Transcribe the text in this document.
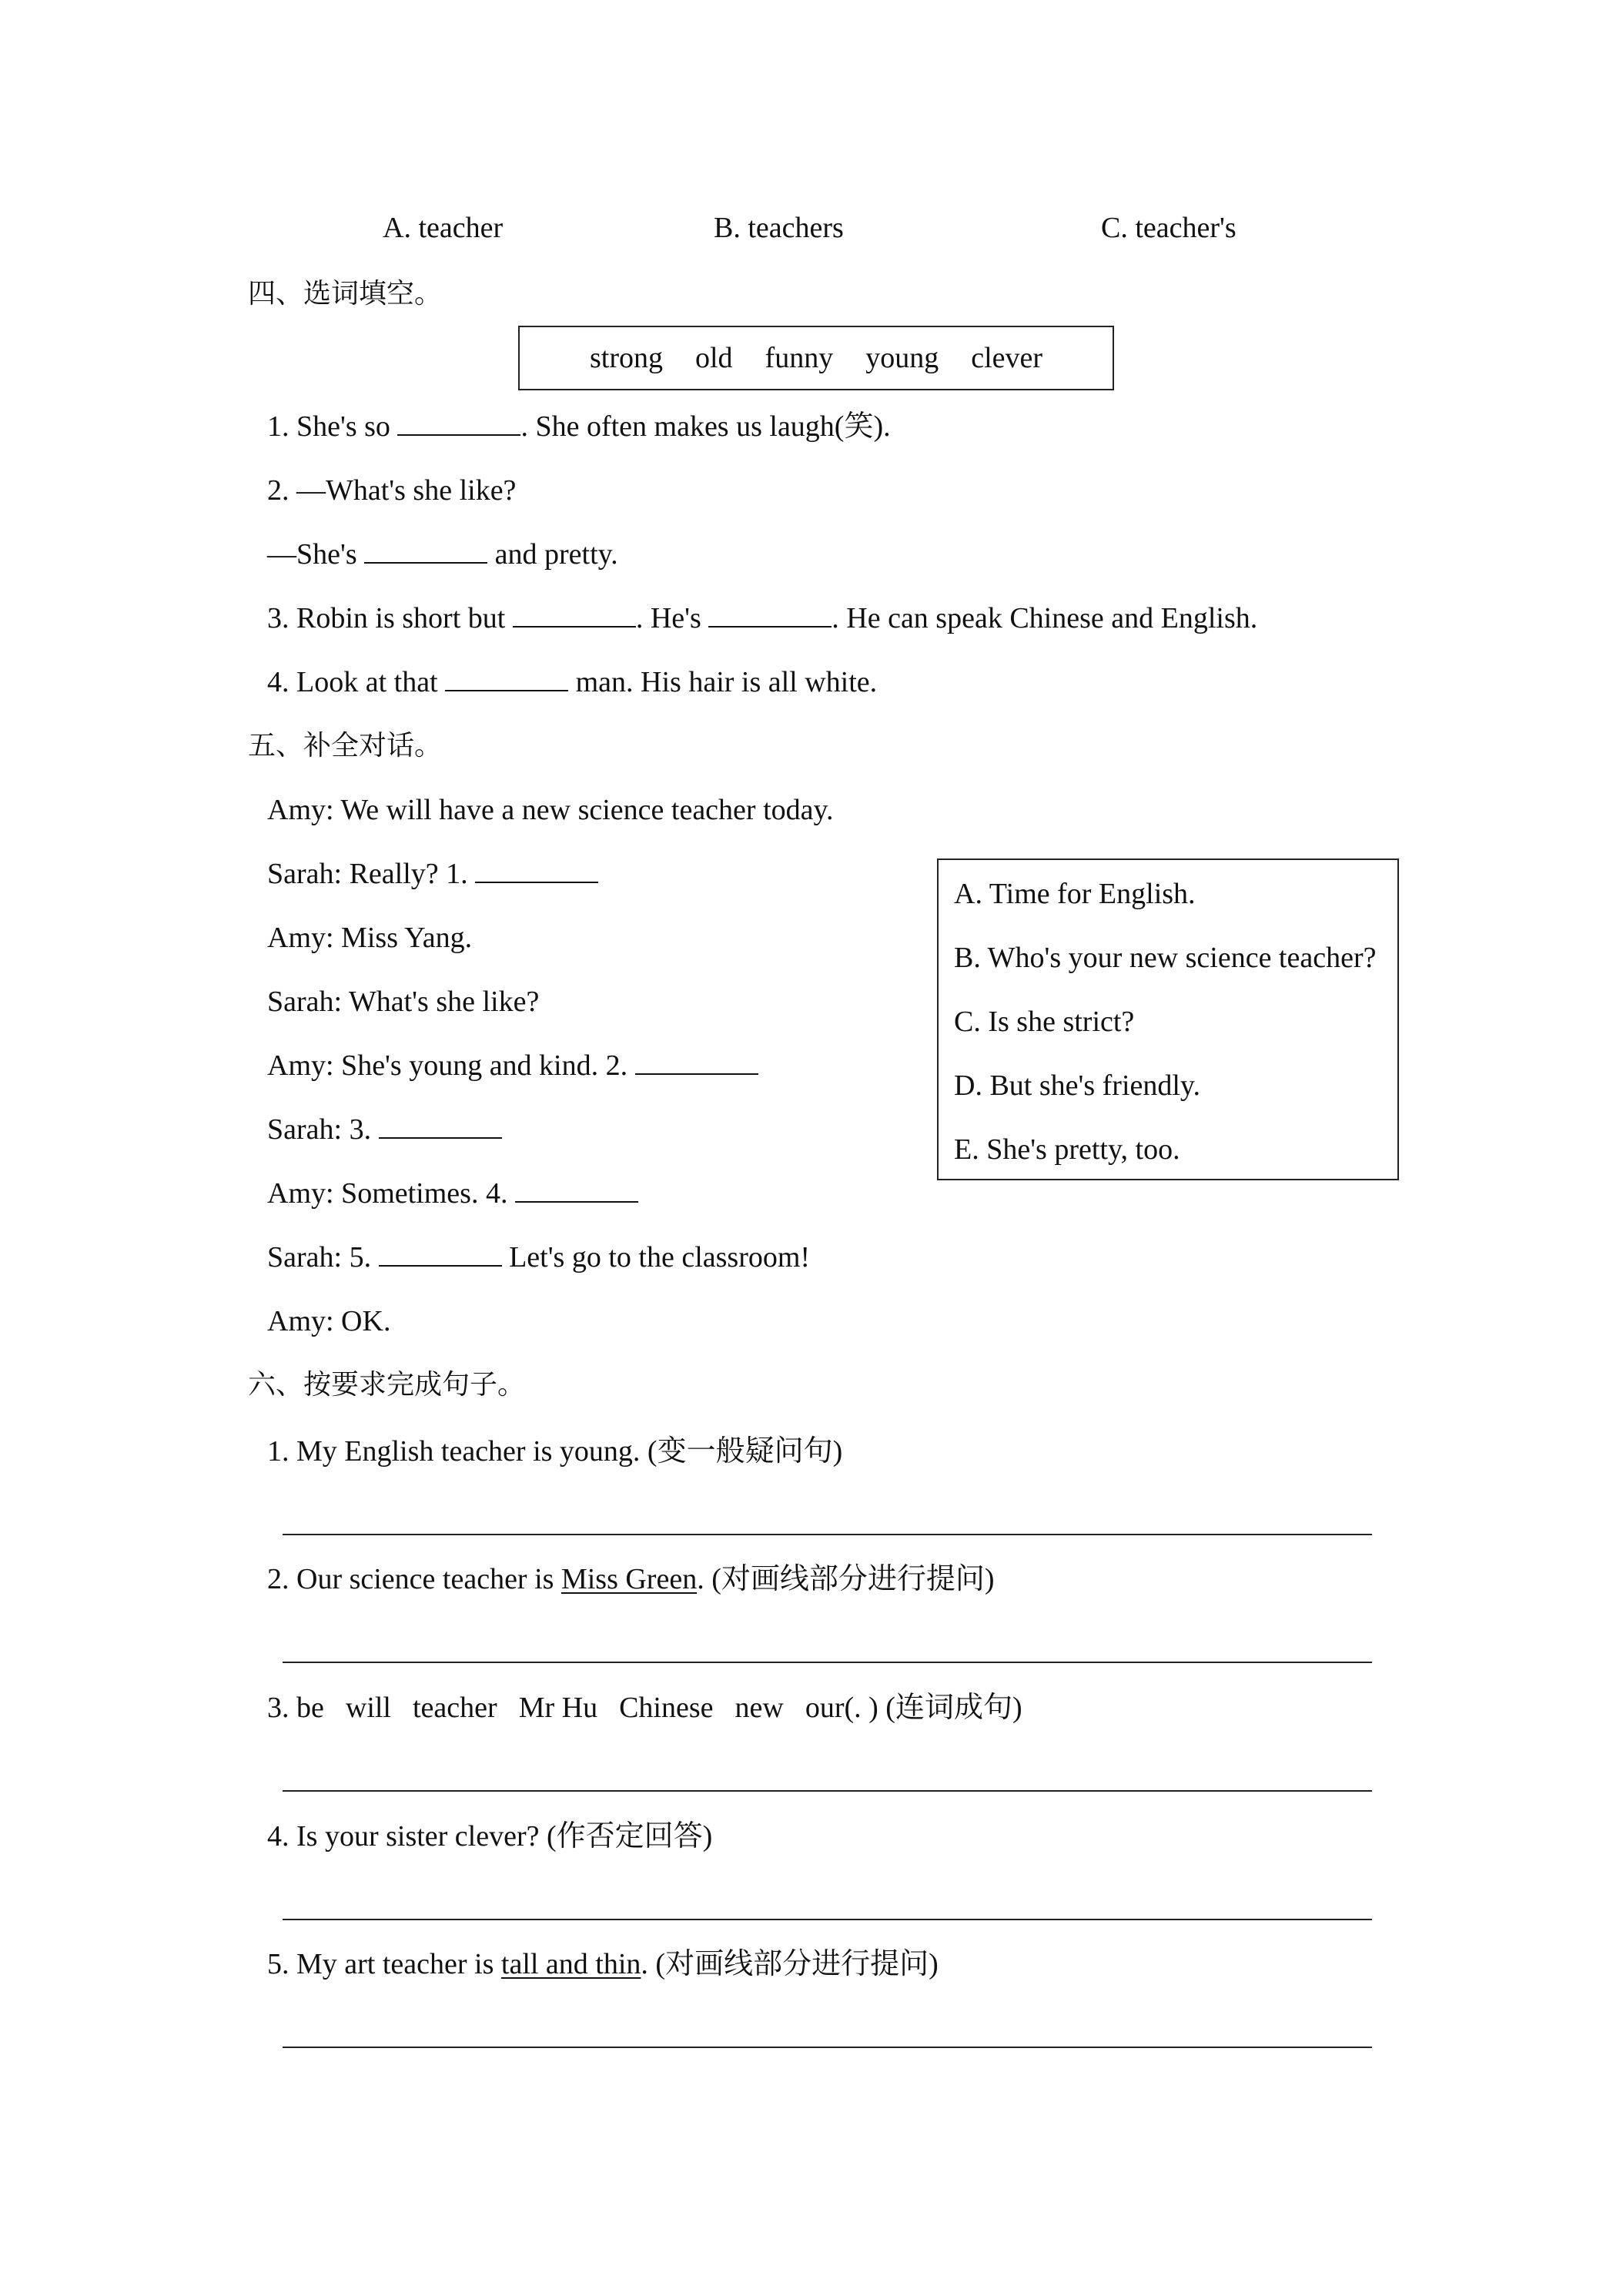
A. teacher	B. teachers	C. teacher's
四、选词填空。
strong old funny young clever
1. She's so	. She often makes us laugh(笑).
2. —What's she like?
—She's	and pretty.
3. Robin is short but	. He's	. He can speak Chinese and English.
4. Look at that	man. His hair is all white.
五、补全对话。
Amy: We will have a new science teacher today.
Sarah: Really? 1.
Amy: Miss Yang.
Sarah: What's she like?
Amy: She's young and kind. 2.
Sarah: 3.
Amy: Sometimes. 4.
Sarah: 5.	Let's go to the classroom!
Amy: OK.
A. Time for English.
B. Who's your new science teacher?
C. Is she strict?
D. But she's friendly.
E. She's pretty, too.
六、按要求完成句子。
1. My English teacher is young. (变一般疑问句)
2. Our science teacher is Miss Green. (对画线部分进行提问)
3. be will teacher Mr Hu Chinese new our(. ) (连词成句)
4. Is your sister clever? (作否定回答)
5. My art teacher is tall and thin. (对画线部分进行提问)
